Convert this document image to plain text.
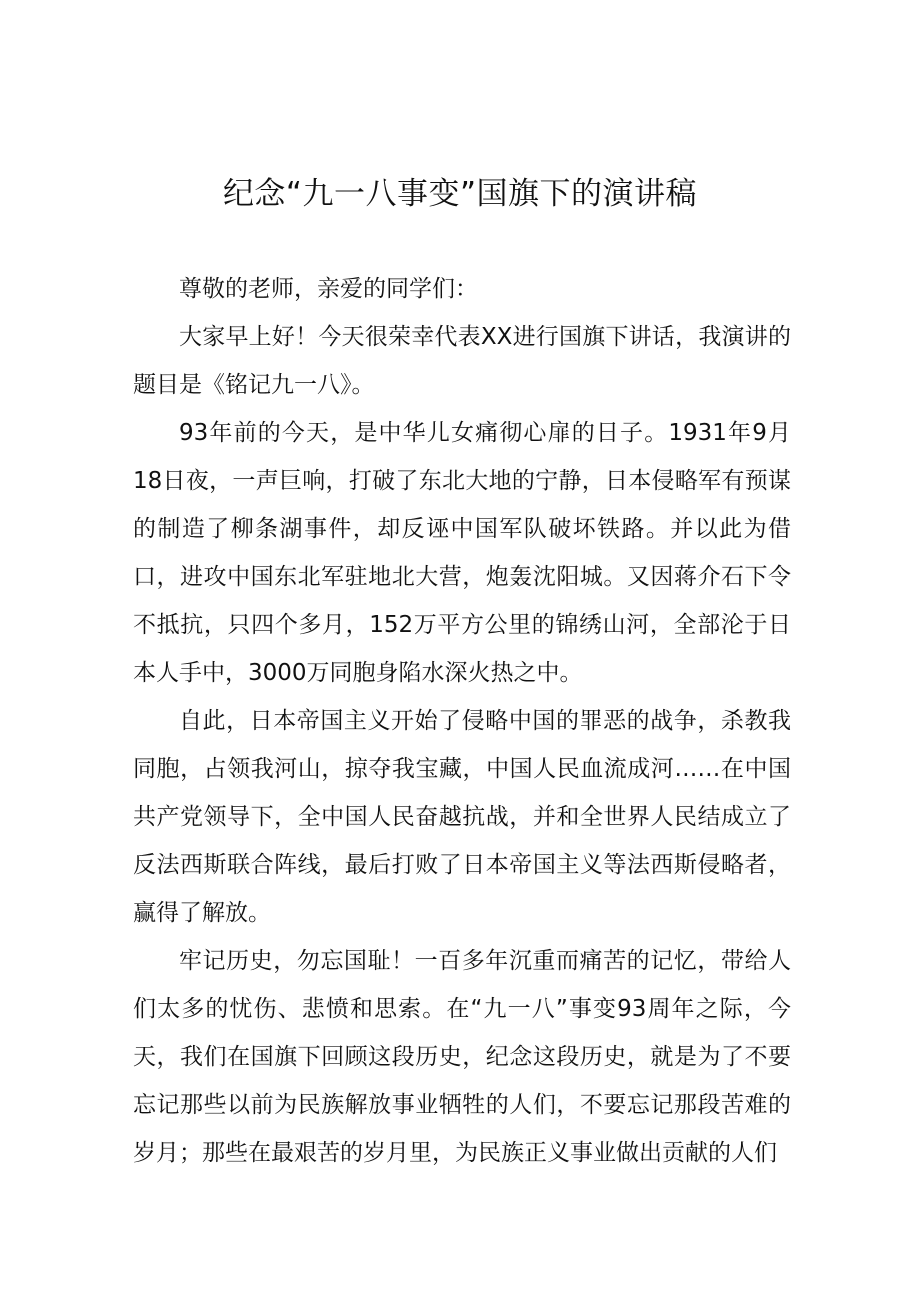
纪念“九一八事变”国旗下的演讲稿

尊敬的老师，亲爱的同学们：

大家早上好！今天很荣幸代表XX进行国旗下讲话，我演讲的题目是《铭记九一八》。

93年前的今天，是中华儿女痛彻心扉的日子。1931年9月18日夜，一声巨响，打破了东北大地的宁静，日本侵略军有预谋的制造了柳条湖事件，却反诬中国军队破坏铁路。并以此为借口，进攻中国东北军驻地北大营，炮轰沈阳城。又因蒋介石下令不抵抗，只四个多月，152万平方公里的锦绣山河，全部沦于日本人手中，3000万同胞身陷水深火热之中。

自此，日本帝国主义开始了侵略中国的罪恶的战争，杀教我同胞，占领我河山，掠夺我宝藏，中国人民血流成河……在中国共产党领导下，全中国人民奋越抗战，并和全世界人民结成立了反法西斯联合阵线，最后打败了日本帝国主义等法西斯侵略者，赢得了解放。

牢记历史，勿忘国耻！一百多年沉重而痛苦的记忆，带给人们太多的忧伤、悲愤和思索。在“九一八”事变93周年之际，今天，我们在国旗下回顾这段历史，纪念这段历史，就是为了不要忘记那些以前为民族解放事业牺牲的人们，不要忘记那段苦难的岁月；那些在最艰苦的岁月里，为民族正义事业做出贡献的人们
